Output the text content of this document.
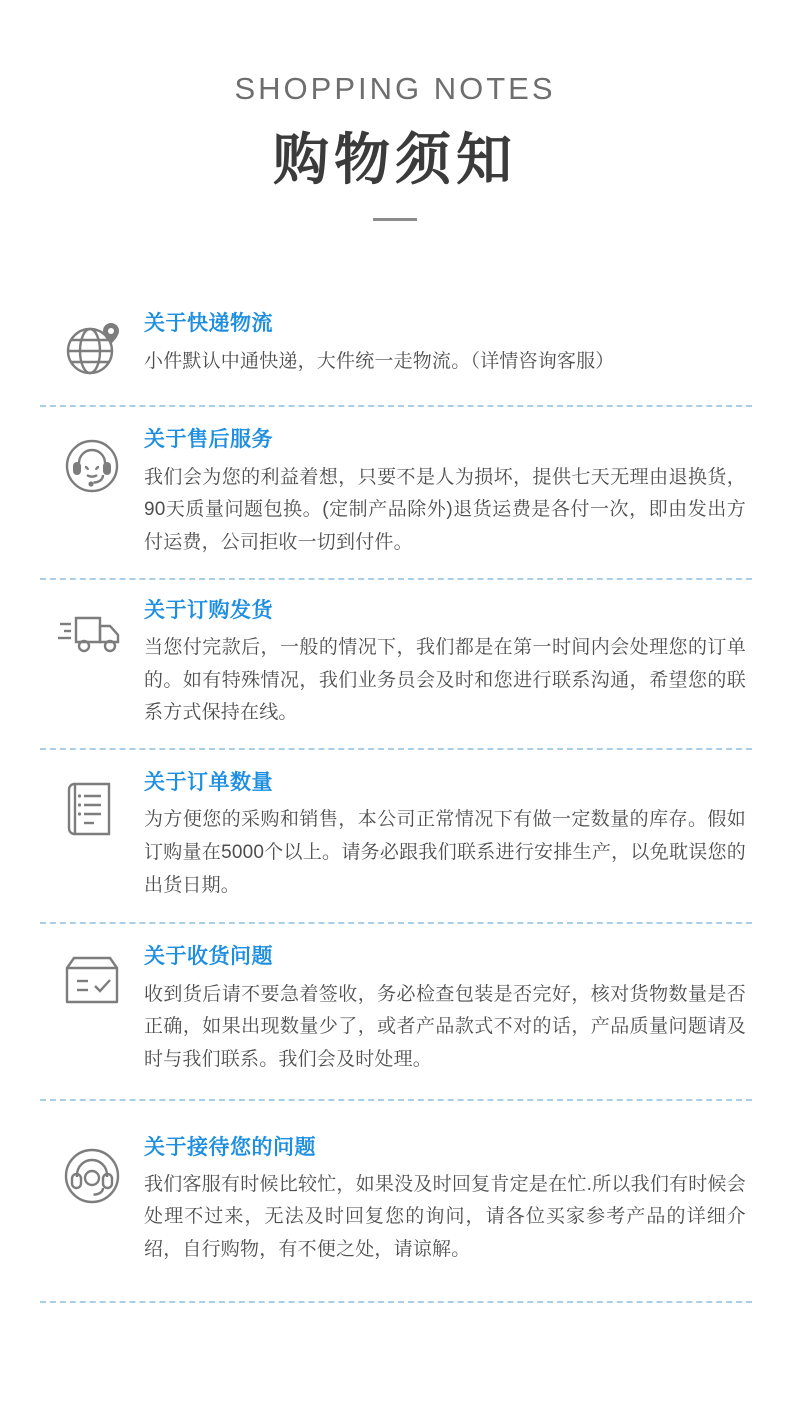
SHOPPING NOTES
购物须知
关于快递物流

小件默认中通快递，大件统一走物流。（详情咨询客服）

关于售后服务

我们会为您的利益着想，只要不是人为损坏，提供七天无理由退换货，90天质量问题包换。(定制产品除外)退货运费是各付一次，即由发出方付运费，公司拒收一切到付件。

关于订购发货

当您付完款后，一般的情况下，我们都是在第一时间内会处理您的订单的。如有特殊情况，我们业务员会及时和您进行联系沟通，希望您的联系方式保持在线。

关于订单数量

为方便您的采购和销售，本公司正常情况下有做一定数量的库存。假如订购量在5000个以上。请务必跟我们联系进行安排生产，以免耽误您的出货日期。

关于收货问题

收到货后请不要急着签收，务必检查包装是否完好，核对货物数量是否正确，如果出现数量少了，或者产品款式不对的话，产品质量问题请及时与我们联系。我们会及时处理。

关于接待您的问题

我们客服有时候比较忙，如果没及时回复肯定是在忙.所以我们有时候会处理不过来，无法及时回复您的询问，请各位买家参考产品的详细介绍，自行购物，有不便之处，请谅解。
